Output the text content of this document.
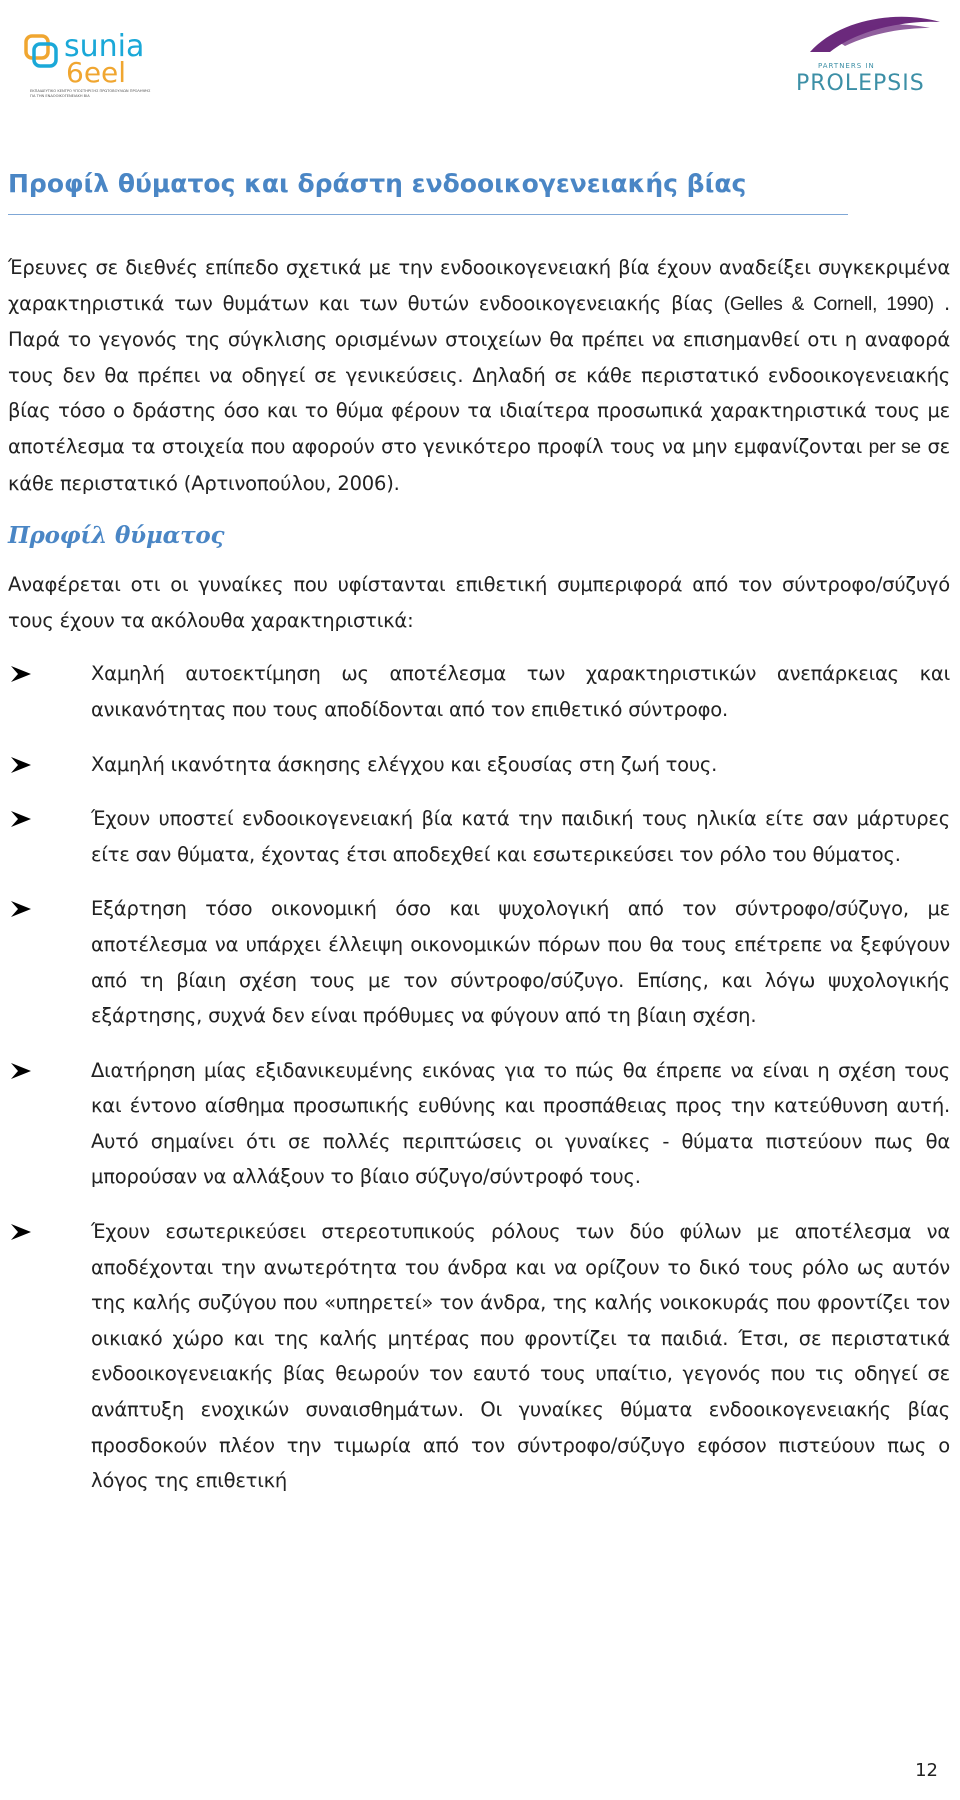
sunia
6eel
ΕΚΠΑΙΔΕΥΤΙΚΟ ΚΕΝΤΡΟ ΥΠΟΣΤΗΡΙΞΗΣ ΠΡΩΤΟΒΟΥΛΙΩΝ ΠΡΟΛΗΨΗΣ
ΓΙΑ ΤΗΝ ΕΝΔΟΟΙΚΟΓΕΝΕΙΑΚΗ ΒΙΑ
PARTNERS IN
PROLEPSIS
Προφίλ θύματος και δράστη ενδοοικογενειακής βίας

Έρευνες σε διεθνές επίπεδο σχετικά με την ενδοοικογενειακή βία έχουν αναδείξει συγκεκριμένα χαρακτηριστικά των θυμάτων και των θυτών ενδοοικογενειακής βίας (Gelles & Cornell, 1990) . Παρά το γεγονός της σύγκλισης ορισμένων στοιχείων θα πρέπει να επισημανθεί οτι η αναφορά τους δεν θα πρέπει να οδηγεί σε γενικεύσεις. Δηλαδή σε κάθε περιστατικό ενδοοικογενειακής βίας τόσο ο δράστης όσο και το θύμα φέρουν τα ιδιαίτερα προσωπικά χαρακτηριστικά τους με αποτέλεσμα τα στοιχεία που αφορούν στο γενικότερο προφίλ τους να μην εμφανίζονται per se σε κάθε περιστατικό (Αρτινοπούλου, 2006).

Προφίλ θύματος

Αναφέρεται οτι οι γυναίκες που υφίστανται επιθετική συμπεριφορά από τον σύντροφο/σύζυγό τους έχουν τα ακόλουθα χαρακτηριστικά:

Χαμηλή αυτοεκτίμηση ως αποτέλεσμα των χαρακτηριστικών ανεπάρκειας και ανικανότητας που τους αποδίδονται από τον επιθετικό σύντροφο.
Χαμηλή ικανότητα άσκησης ελέγχου και εξουσίας στη ζωή τους.
Έχουν υποστεί ενδοοικογενειακή βία κατά την παιδική τους ηλικία είτε σαν μάρτυρες είτε σαν θύματα, έχοντας έτσι αποδεχθεί και εσωτερικεύσει τον ρόλο του θύματος.
Εξάρτηση τόσο οικονομική όσο και ψυχολογική από τον σύντροφο/σύζυγο, με αποτέλεσμα να υπάρχει έλλειψη οικονομικών πόρων που θα τους επέτρεπε να ξεφύγουν από τη βίαιη σχέση τους με τον σύντροφο/σύζυγο. Επίσης, και λόγω ψυχολογικής εξάρτησης, συχνά δεν είναι πρόθυμες να φύγουν από τη βίαιη σχέση.
Διατήρηση μίας εξιδανικευμένης εικόνας για το πώς θα έπρεπε να είναι η σχέση τους και έντονο αίσθημα προσωπικής ευθύνης και προσπάθειας προς την κατεύθυνση αυτή. Αυτό σημαίνει ότι σε πολλές περιπτώσεις οι γυναίκες - θύματα πιστεύουν πως θα μπορούσαν να αλλάξουν το βίαιο σύζυγο/σύντροφό τους.
Έχουν εσωτερικεύσει στερεοτυπικούς ρόλους των δύο φύλων με αποτέλεσμα να αποδέχονται την ανωτερότητα του άνδρα και να ορίζουν το δικό τους ρόλο ως αυτόν της καλής συζύγου που «υπηρετεί» τον άνδρα, της καλής νοικοκυράς που φροντίζει τον οικιακό χώρο και της καλής μητέρας που φροντίζει τα παιδιά. Έτσι, σε περιστατικά ενδοοικογενειακής βίας θεωρούν τον εαυτό τους υπαίτιο, γεγονός που τις οδηγεί σε ανάπτυξη ενοχικών συναισθημάτων. Οι γυναίκες θύματα ενδοοικογενειακής βίας προσδοκούν πλέον την τιμωρία από τον σύντροφο/σύζυγο εφόσον πιστεύουν πως ο λόγος της επιθετική
12
